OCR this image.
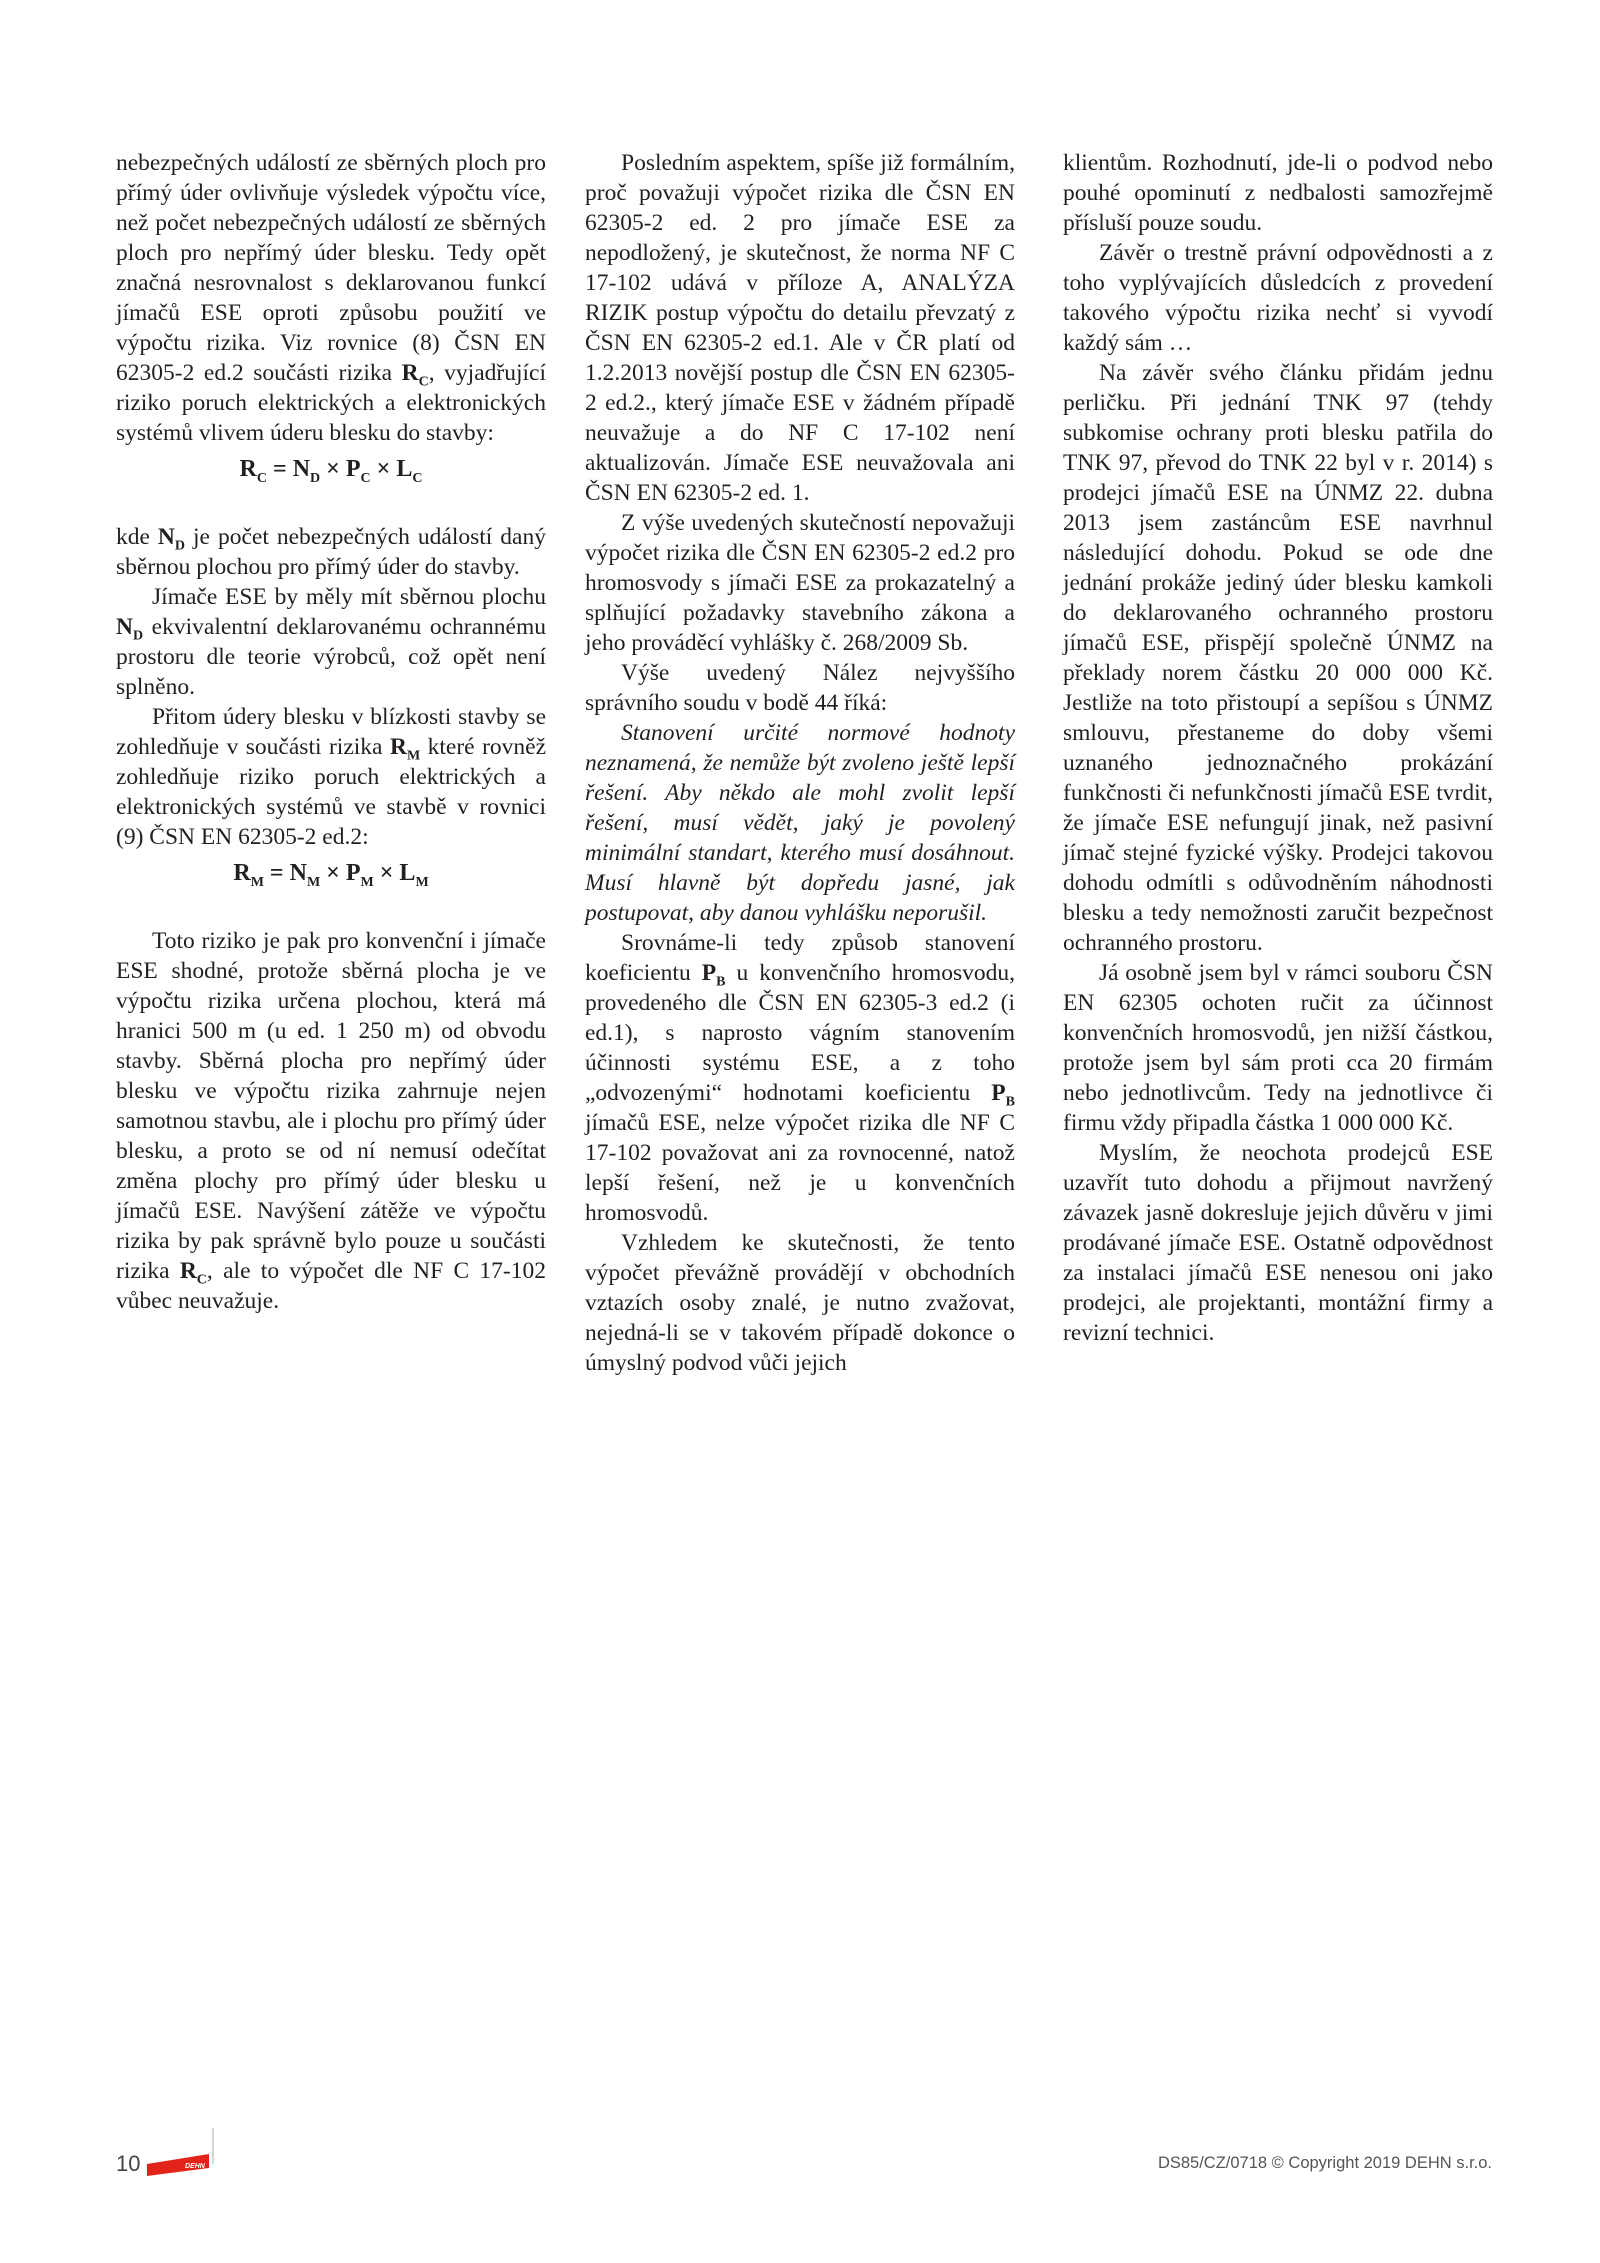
nebezpečných událostí ze sběrných ploch pro přímý úder ovlivňuje výsledek výpočtu více, než počet nebezpečných událostí ze sběrných ploch pro nepřímý úder blesku. Tedy opět značná nesrovnalost s deklarovanou funkcí jímačů ESE oproti způsobu použití ve výpočtu rizika. Viz rovnice (8) ČSN EN 62305-2 ed.2 součásti rizika $R_C$, vyjadřující riziko poruch elektrických a elektronických systémů vlivem úderu blesku do stavby:

$R_C = N_D \times P_C \times L_C$

kde $N_D$ je počet nebezpečných událostí daný sběrnou plochou pro přímý úder do stavby.

Jímače ESE by měly mít sběrnou plochu $N_D$ ekvivalentní deklarovanému ochrannému prostoru dle teorie výrobců, což opět není splněno.

Přitom údery blesku v blízkosti stavby se zohledňuje v součásti rizika $R_M$ které rovněž zohledňuje riziko poruch elektrických a elektronických systémů ve stavbě v rovnici (9) ČSN EN 62305-2 ed.2:

$R_M = N_M \times P_M \times L_M$

Toto riziko je pak pro konvenční i jímače ESE shodné, protože sběrná plocha je ve výpočtu rizika určena plochou, která má hranici 500 m (u ed. 1 250 m) od obvodu stavby. Sběrná plocha pro nepřímý úder blesku ve výpočtu rizika zahrnuje nejen samotnou stavbu, ale i plochu pro přímý úder blesku, a proto se od ní nemusí odečítat změna plochy pro přímý úder blesku u jímačů ESE. Navýšení zátěže ve výpočtu rizika by pak správně bylo pouze u součásti rizika $R_C$, ale to výpočet dle NF C 17-102 vůbec neuvažuje.

Posledním aspektem, spíše již formálním, proč považuji výpočet rizika dle ČSN EN 62305-2 ed. 2 pro jímače ESE za nepodložený, je skutečnost, že norma NF C 17-102 udává v příloze A, ANALÝZA RIZIK postup výpočtu do detailu převzatý z ČSN EN 62305-2 ed.1. Ale v ČR platí od 1.2.2013 novější postup dle ČSN EN 62305-2 ed.2., který jímače ESE v žádném případě neuvažuje a do NF C 17-102 není aktualizován. Jímače ESE neuvažovala ani ČSN EN 62305-2 ed. 1.

Z výše uvedených skutečností nepovažuji výpočet rizika dle ČSN EN 62305-2 ed.2 pro hromosvody s jímači ESE za prokazatelný a splňující požadavky stavebního zákona a jeho prováděcí vyhlášky č. 268/2009 Sb.

Výše uvedený Nález nejvyššího správního soudu v bodě 44 říká:

Stanovení určité normové hodnoty neznamená, že nemůže být zvoleno ještě lepší řešení. Aby někdo ale mohl zvolit lepší řešení, musí vědět, jaký je povolený minimální standart, kterého musí dosáhnout. Musí hlavně být dopředu jasné, jak postupovat, aby danou vyhlášku neporušil.

Srovnáme-li tedy způsob stanovení koeficientu $P_B$ u konvenčního hromosvodu, provedeného dle ČSN EN 62305-3 ed.2 (i ed.1), s naprosto vágním stanovením účinnosti systému ESE, a z toho „odvozenými“ hodnotami koeficientu $P_B$ jímačů ESE, nelze výpočet rizika dle NF C 17-102 považovat ani za rovnocenné, natož lepší řešení, než je u konvenčních hromosvodů.

Vzhledem ke skutečnosti, že tento výpočet převážně provádějí v obchodních vztazích osoby znalé, je nutno zvažovat, nejedná-li se v takovém případě dokonce o úmyslný podvod vůči jejich

klientům. Rozhodnutí, jde-li o podvod nebo pouhé opominutí z nedbalosti samozřejmě přísluší pouze soudu.

Závěr o trestně právní odpovědnosti a z toho vyplývajících důsledcích z provedení takového výpočtu rizika nechť si vyvodí každý sám …

Na závěr svého článku přidám jednu perličku. Při jednání TNK 97 (tehdy subkomise ochrany proti blesku patřila do TNK 97, převod do TNK 22 byl v r. 2014) s prodejci jímačů ESE na ÚNMZ 22. dubna 2013 jsem zastáncům ESE navrhnul následující dohodu. Pokud se ode dne jednání prokáže jediný úder blesku kamkoli do deklarovaného ochranného prostoru jímačů ESE, přispějí společně ÚNMZ na překlady norem částku 20 000 000 Kč. Jestliže na toto přistoupí a sepíšou s ÚNMZ smlouvu, přestaneme do doby všemi uznaného jednoznačného prokázání funkčnosti či nefunkčnosti jímačů ESE tvrdit, že jímače ESE nefungují jinak, než pasivní jímač stejné fyzické výšky. Prodejci takovou dohodu odmítli s odůvodněním náhodnosti blesku a tedy nemožnosti zaručit bezpečnost ochranného prostoru.

Já osobně jsem byl v rámci souboru ČSN EN 62305 ochoten ručit za účinnost konvenčních hromosvodů, jen nižší částkou, protože jsem byl sám proti cca 20 firmám nebo jednotlivcům. Tedy na jednotlivce či firmu vždy připadla částka 1 000 000 Kč.

Myslím, že neochota prodejců ESE uzavřít tuto dohodu a přijmout navržený závazek jasně dokresluje jejich důvěru v jimi prodávané jímače ESE. Ostatně odpovědnost za instalaci jímačů ESE nenesou oni jako prodejci, ale projektanti, montážní firmy a revizní technici.

10	DEHN	DS85/CZ/0718 © Copyright 2019 DEHN s.r.o.
